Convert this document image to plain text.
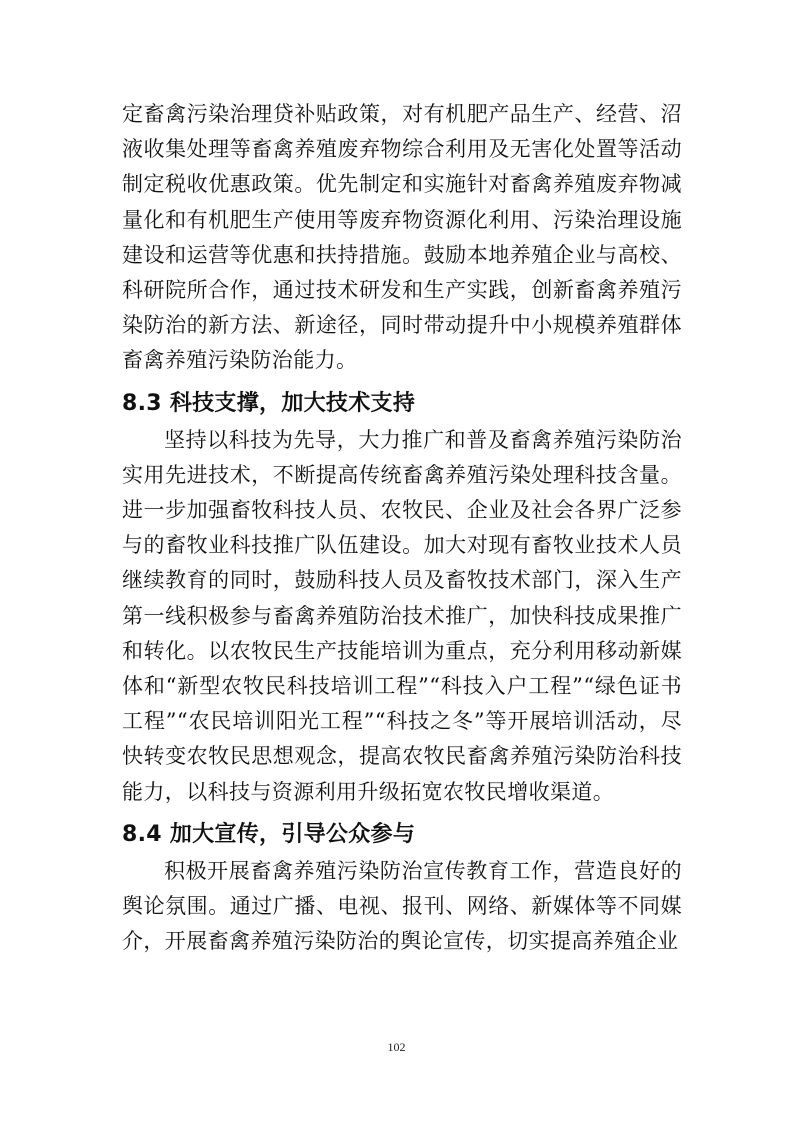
定畜禽污染治理贷补贴政策，对有机肥产品生产、经营、沼液收集处理等畜禽养殖废弃物综合利用及无害化处置等活动制定税收优惠政策。优先制定和实施针对畜禽养殖废弃物减量化和有机肥生产使用等废弃物资源化利用、污染治理设施建设和运营等优惠和扶持措施。鼓励本地养殖企业与高校、科研院所合作，通过技术研发和生产实践，创新畜禽养殖污染防治的新方法、新途径，同时带动提升中小规模养殖群体畜禽养殖污染防治能力。

8.3 科技支撑，加大技术支持

坚持以科技为先导，大力推广和普及畜禽养殖污染防治实用先进技术，不断提高传统畜禽养殖污染处理科技含量。进一步加强畜牧科技人员、农牧民、企业及社会各界广泛参与的畜牧业科技推广队伍建设。加大对现有畜牧业技术人员继续教育的同时，鼓励科技人员及畜牧技术部门，深入生产第一线积极参与畜禽养殖防治技术推广，加快科技成果推广和转化。以农牧民生产技能培训为重点，充分利用移动新媒体和“新型农牧民科技培训工程”“科技入户工程”“绿色证书工程”“农民培训阳光工程”“科技之冬”等开展培训活动，尽快转变农牧民思想观念，提高农牧民畜禽养殖污染防治科技能力，以科技与资源利用升级拓宽农牧民增收渠道。

8.4 加大宣传，引导公众参与

积极开展畜禽养殖污染防治宣传教育工作，营造良好的舆论氛围。通过广播、电视、报刊、网络、新媒体等不同媒介，开展畜禽养殖污染防治的舆论宣传，切实提高养殖企业

102
